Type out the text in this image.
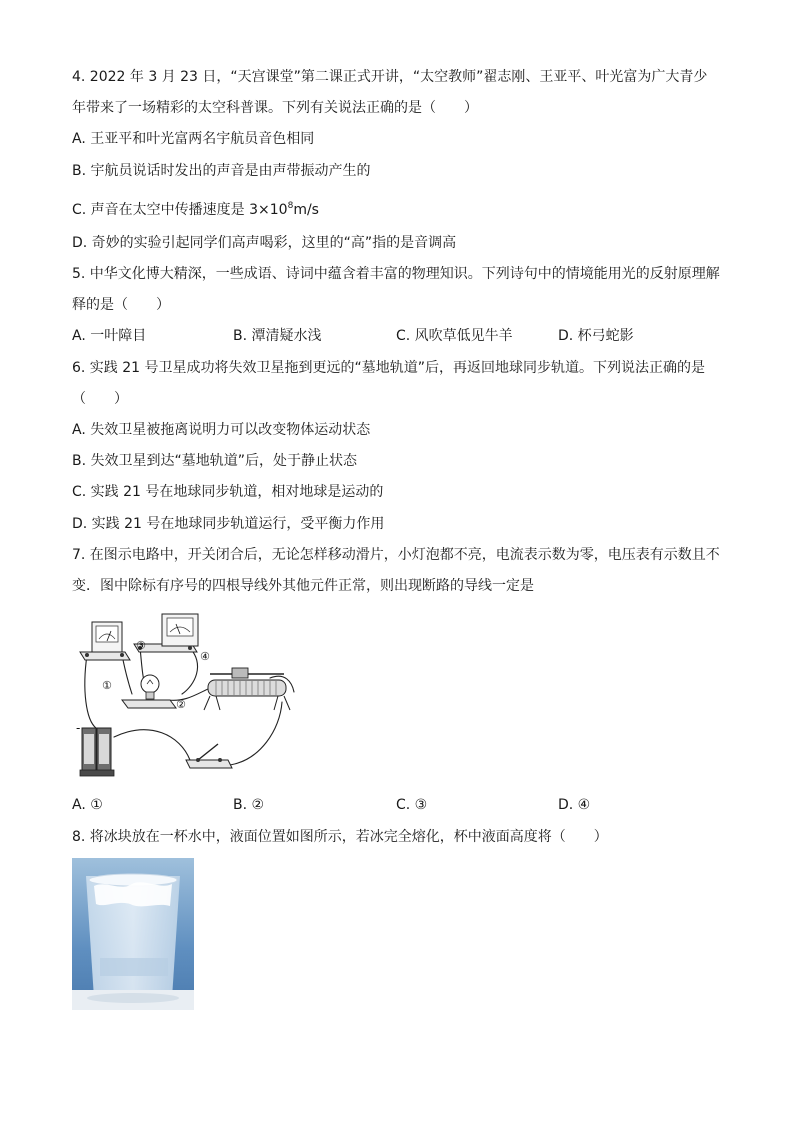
4. 2022 年 3 月 23 日，“天宫课堂”第二课正式开讲，“太空教师”翟志刚、王亚平、叶光富为广大青少
年带来了一场精彩的太空科普课。下列有关说法正确的是（　　）
A. 王亚平和叶光富两名宇航员音色相同
B. 宇航员说话时发出的声音是由声带振动产生的
C. 声音在太空中传播速度是 $3\times 10^8m/s$
D. 奇妙的实验引起同学们高声喝彩，这里的“高”指的是音调高
5. 中华文化博大精深，一些成语、诗词中蕴含着丰富的物理知识。下列诗句中的情境能用光的反射原理解
释的是（　　）
A. 一叶障目	B. 潭清疑水浅	C. 风吹草低见牛羊	D. 杯弓蛇影
6. 实践 21 号卫星成功将失效卫星拖到更远的“墓地轨道”后，再返回地球同步轨道。下列说法正确的是
（　　）
A. 失效卫星被拖离说明力可以改变物体运动状态
B. 失效卫星到达“墓地轨道”后，处于静止状态
C. 实践 21 号在地球同步轨道，相对地球是运动的
D. 实践 21 号在地球同步轨道运行，受平衡力作用
7. 在图示电路中，开关闭合后，无论怎样移动滑片，小灯泡都不亮，电流表示数为零，电压表有示数且不
变．图中除标有序号的四根导线外其他元件正常，则出现断路的导线一定是
①
②
③
④
-
A. ①	B. ②	C. ③	D. ④
8. 将冰块放在一杯水中，液面位置如图所示，若冰完全熔化，杯中液面高度将（　　）
